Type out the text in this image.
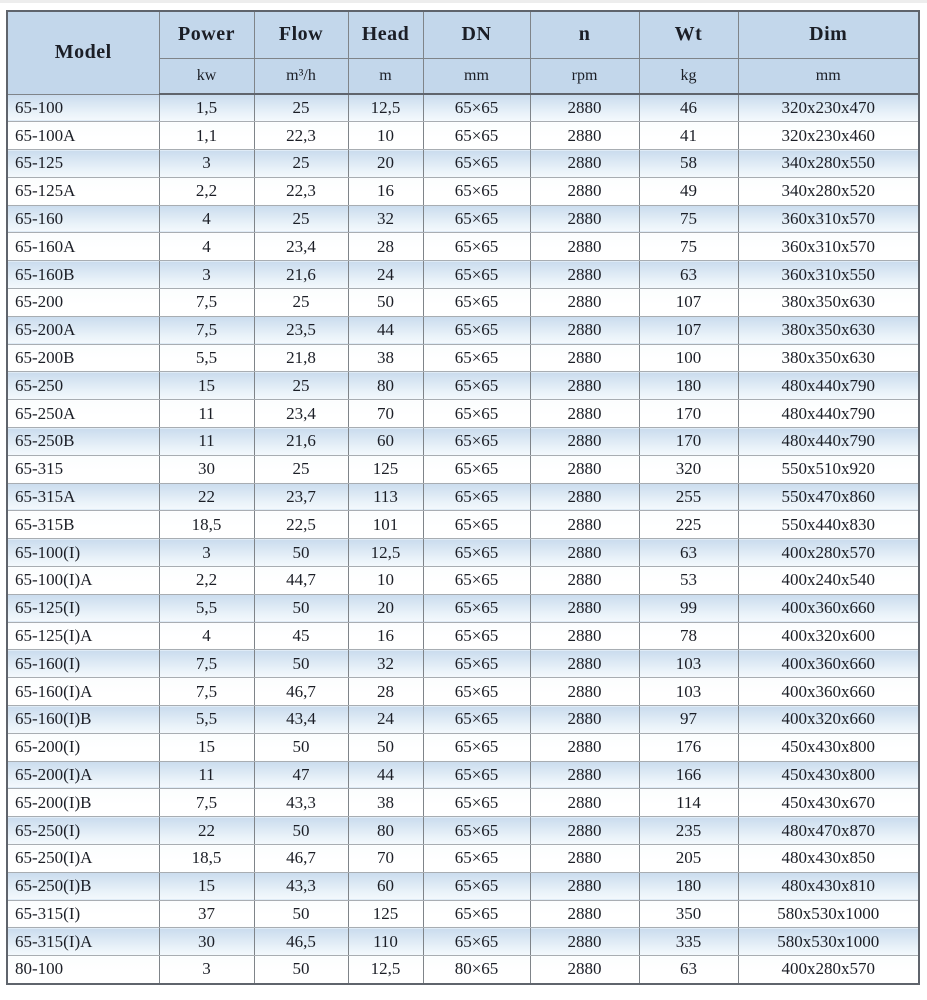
Model	Power	Flow	Head	DN	n	Wt	Dim
	kw	m³/h	m	mm	rpm	kg	mm
65-100	1,5	25	12,5	65×65	2880	46	320x230x470
65-100A	1,1	22,3	10	65×65	2880	41	320x230x460
65-125	3	25	20	65×65	2880	58	340x280x550
65-125A	2,2	22,3	16	65×65	2880	49	340x280x520
65-160	4	25	32	65×65	2880	75	360x310x570
65-160A	4	23,4	28	65×65	2880	75	360x310x570
65-160B	3	21,6	24	65×65	2880	63	360x310x550
65-200	7,5	25	50	65×65	2880	107	380x350x630
65-200A	7,5	23,5	44	65×65	2880	107	380x350x630
65-200B	5,5	21,8	38	65×65	2880	100	380x350x630
65-250	15	25	80	65×65	2880	180	480x440x790
65-250A	11	23,4	70	65×65	2880	170	480x440x790
65-250B	11	21,6	60	65×65	2880	170	480x440x790
65-315	30	25	125	65×65	2880	320	550x510x920
65-315A	22	23,7	113	65×65	2880	255	550x470x860
65-315B	18,5	22,5	101	65×65	2880	225	550x440x830
65-100(I)	3	50	12,5	65×65	2880	63	400x280x570
65-100(I)A	2,2	44,7	10	65×65	2880	53	400x240x540
65-125(I)	5,5	50	20	65×65	2880	99	400x360x660
65-125(I)A	4	45	16	65×65	2880	78	400x320x600
65-160(I)	7,5	50	32	65×65	2880	103	400x360x660
65-160(I)A	7,5	46,7	28	65×65	2880	103	400x360x660
65-160(I)B	5,5	43,4	24	65×65	2880	97	400x320x660
65-200(I)	15	50	50	65×65	2880	176	450x430x800
65-200(I)A	11	47	44	65×65	2880	166	450x430x800
65-200(I)B	7,5	43,3	38	65×65	2880	114	450x430x670
65-250(I)	22	50	80	65×65	2880	235	480x470x870
65-250(I)A	18,5	46,7	70	65×65	2880	205	480x430x850
65-250(I)B	15	43,3	60	65×65	2880	180	480x430x810
65-315(I)	37	50	125	65×65	2880	350	580x530x1000
65-315(I)A	30	46,5	110	65×65	2880	335	580x530x1000
80-100	3	50	12,5	80×65	2880	63	400x280x570
